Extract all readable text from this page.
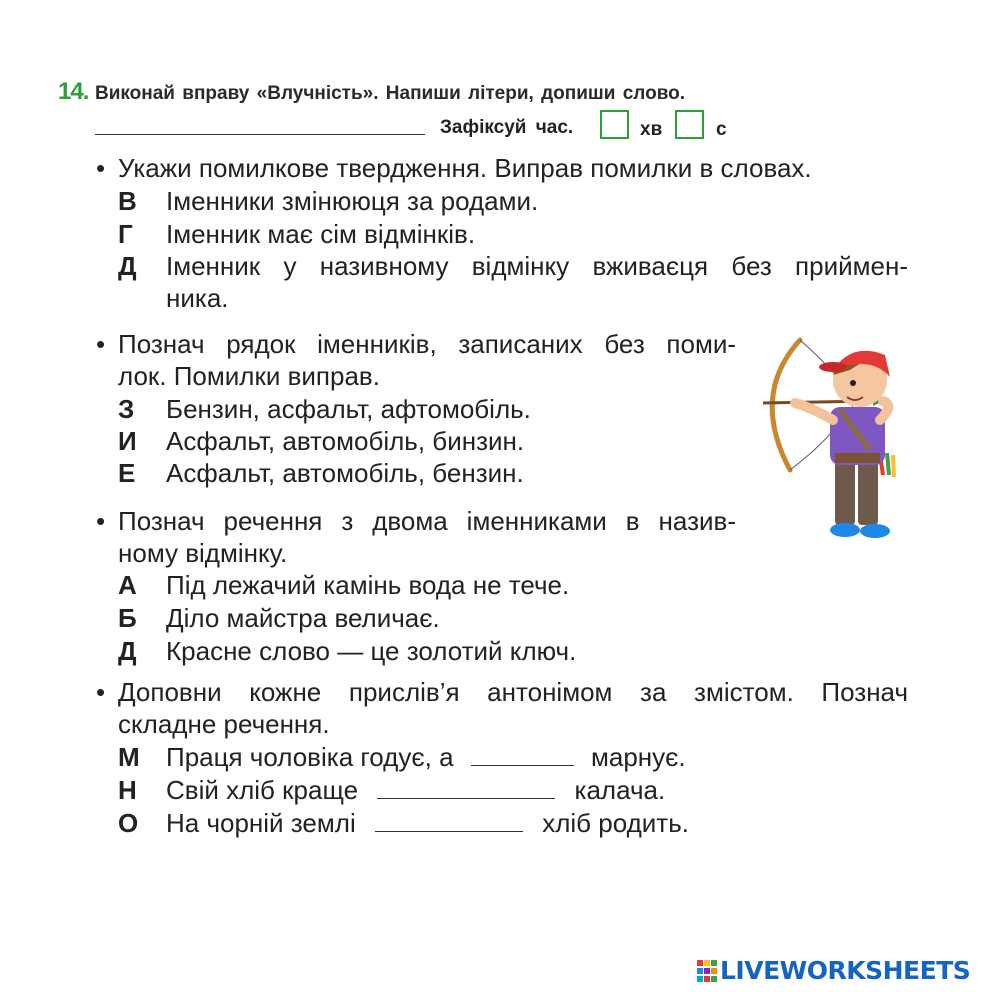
14. Виконай вправу «Влучність». Напиши літери, допиши слово.
Зафіксуй час.	хв	с
• Укажи помилкове твердження. Виправ помилки в словах.
В Іменники змінююця за родами.
Г Іменник має сім відмінків.
Д Іменник у називному відмінку вживаєця без приймен-
ника.
• Познач рядок іменників, записаних без поми-
лок. Помилки виправ.
З Бензин, асфальт, афтомобіль.
И Асфальт, автомобіль, бинзин.
Е Асфальт, автомобіль, бензин.
• Познач речення з двома іменниками в назив-
ному відмінку.
А Під лежачий камінь вода не тече.
Б Діло майстра величає.
Д Красне слово — це золотий ключ.
• Доповни кожне прислів’я антонімом за змістом. Познач
складне речення.
М Праця чоловіка годує, а	марнує.
Н Свій хліб краще	калача.
О На чорній землі	хліб родить.
LIVEWORKSHEETS
